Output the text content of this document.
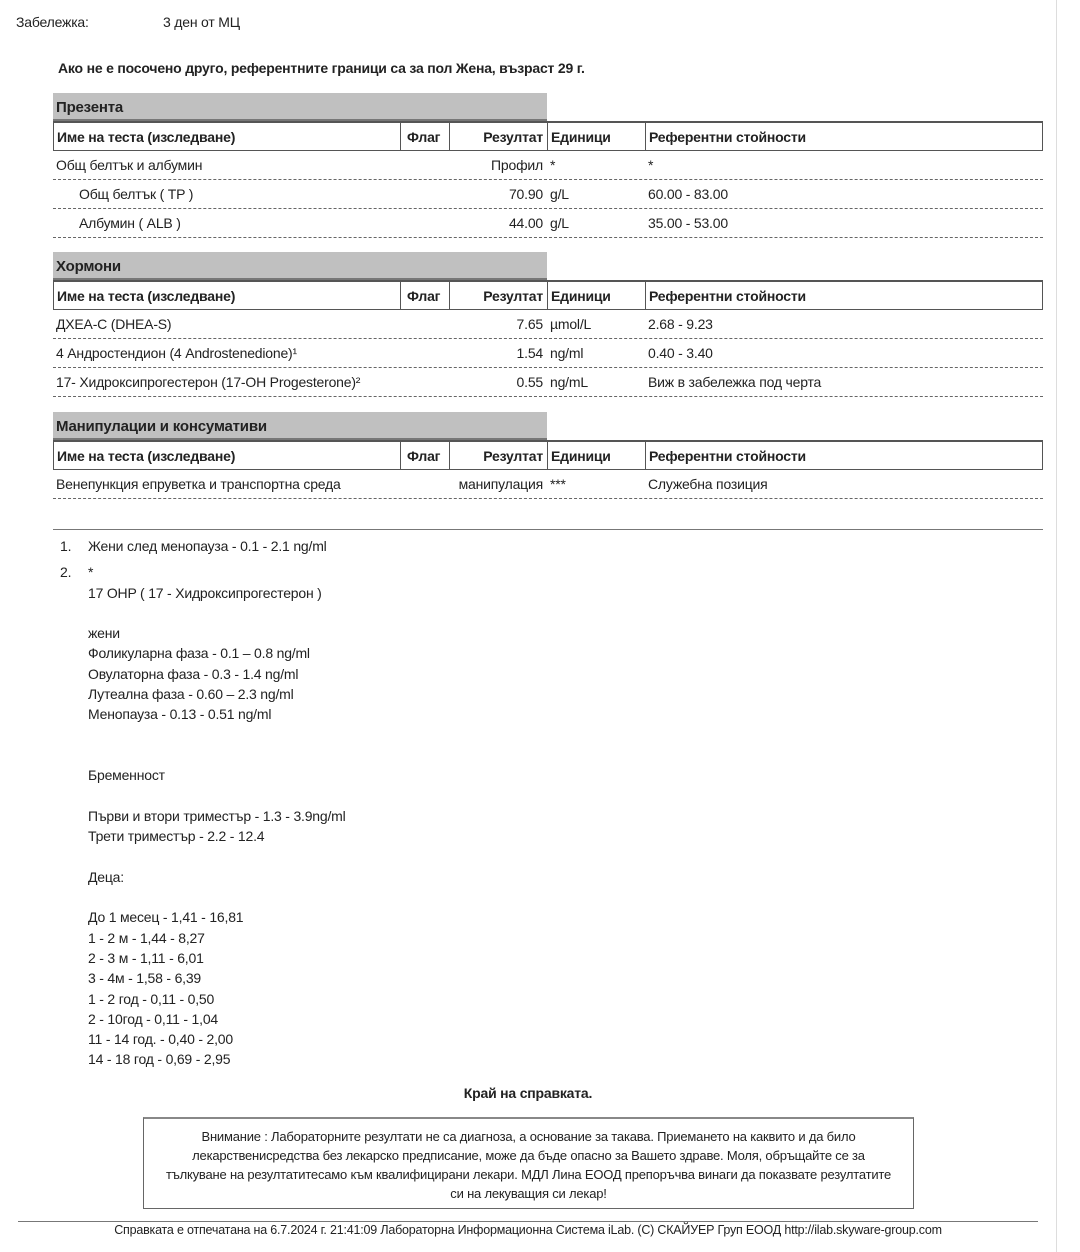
Забележка:	3 ден от МЦ
Ако не е посочено друго, референтните граници са за пол Жена, възраст 29 г.
Презента
Име на теста (изследване)	Флаг	Резултат Единици	Референтни стойности
Общ белтък и албумин	Профил *	*
Общ белтък ( TP )	70.90 g/L	60.00 - 83.00
Албумин ( ALB )	44.00 g/L	35.00 - 53.00
Хормони
Име на теста (изследване)	Флаг	Резултат Единици	Референтни стойности
ДХЕА-С (DHEA-S)	7.65 µmol/L	2.68 - 9.23
4 Андростендион (4 Androstenedione)¹	1.54 ng/ml	0.40 - 3.40
17- Хидроксипрогестерон (17-OH Progesterone)²	0.55 ng/mL	Виж в забележка под черта
Манипулации и консумативи
Име на теста (изследване)	Флаг	Резултат Единици	Референтни стойности
Венепункция епруветка и транспортна среда	манипулация ***	Служебна позиция
1.	Жени след менопауза - 0.1 - 2.1 ng/ml
2.	*
17 OHP ( 17 - Хидроксипрогестерон )
жени
Фоликуларна фаза - 0.1 – 0.8 ng/ml
Овулаторна фаза - 0.3 - 1.4 ng/ml
Лутеална фаза - 0.60 – 2.3 ng/ml
Менопауза - 0.13 - 0.51 ng/ml
Бременност
Първи и втори триместър - 1.3 - 3.9ng/ml
Трети триместър - 2.2 - 12.4
Деца:
До 1 месец - 1,41 - 16,81
1 - 2 м - 1,44 - 8,27
2 - 3 м - 1,11 - 6,01
3 - 4м - 1,58 - 6,39
1 - 2 год - 0,11 - 0,50
2 - 10год - 0,11 - 1,04
11 - 14 год. - 0,40 - 2,00
14 - 18 год - 0,69 - 2,95
Край на справката.
Внимание : Лабораторните резултати не са диагноза, а основание за такава. Приемането на каквито и да било лекарственисредства без лекарско предписание, може да бъде опасно за Вашето здраве. Моля, обръщайте се за тълкуване на резултатитесамо към квалифицирани лекари. МДЛ Лина ЕООД препоръчва винаги да показвате резултатите си на лекуващия си лекар!
Справката е отпечатана на 6.7.2024 г. 21:41:09 Лабораторна Информационна Система iLab. (C) СКАЙУЕР Груп ЕООД http://ilab.skyware-group.com
